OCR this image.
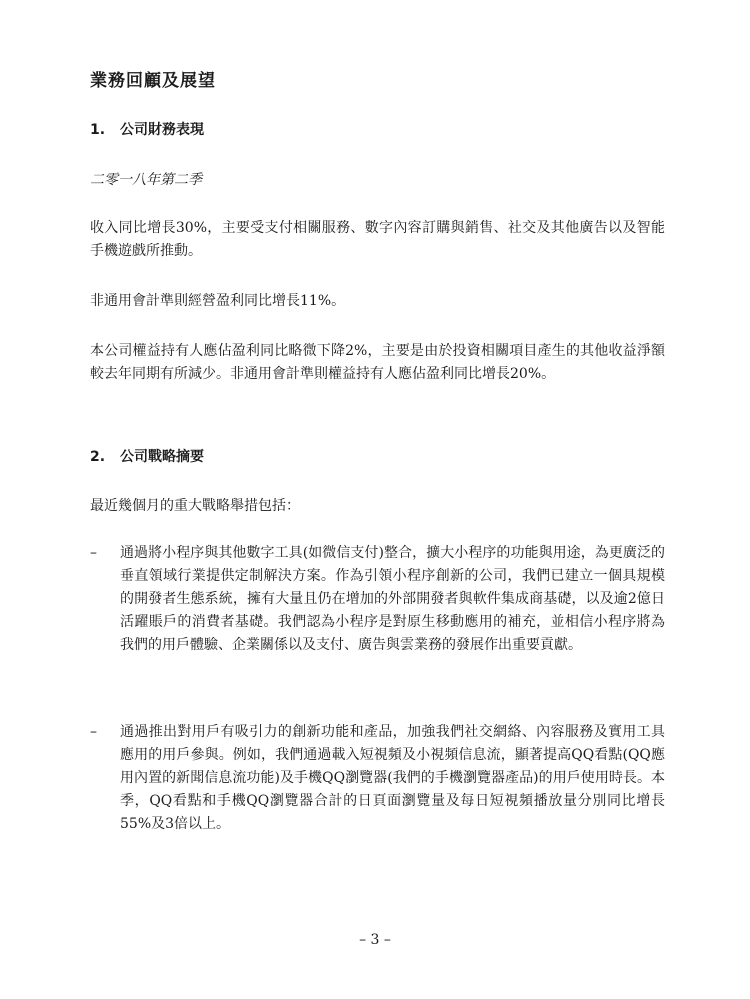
業務回顧及展望
1. 公司財務表現
二零一八年第二季
收入同比增長30%，主要受支付相關服務、數字內容訂購與銷售、社交及其他廣告以及智能手機遊戲所推動。
非通用會計準則經營盈利同比增長11%。
本公司權益持有人應佔盈利同比略微下降2%，主要是由於投資相關項目產生的其他收益淨額較去年同期有所減少。非通用會計準則權益持有人應佔盈利同比增長20%。
2. 公司戰略摘要
最近幾個月的重大戰略舉措包括：
–	通過將小程序與其他數字工具(如微信支付)整合，擴大小程序的功能與用途，為更廣泛的垂直領域行業提供定制解決方案。作為引領小程序創新的公司，我們已建立一個具規模的開發者生態系統，擁有大量且仍在增加的外部開發者與軟件集成商基礎，以及逾2億日活躍賬戶的消費者基礎。我們認為小程序是對原生移動應用的補充，並相信小程序將為我們的用戶體驗、企業關係以及支付、廣告與雲業務的發展作出重要貢獻。
–	通過推出對用戶有吸引力的創新功能和產品，加強我們社交網絡、內容服務及實用工具應用的用戶參與。例如，我們通過載入短視頻及小視頻信息流，顯著提高QQ看點(QQ應用內置的新聞信息流功能)及手機QQ瀏覽器(我們的手機瀏覽器產品)的用戶使用時長。本季，QQ看點和手機QQ瀏覽器合計的日頁面瀏覽量及每日短視頻播放量分別同比增長55%及3倍以上。
– 3 –
